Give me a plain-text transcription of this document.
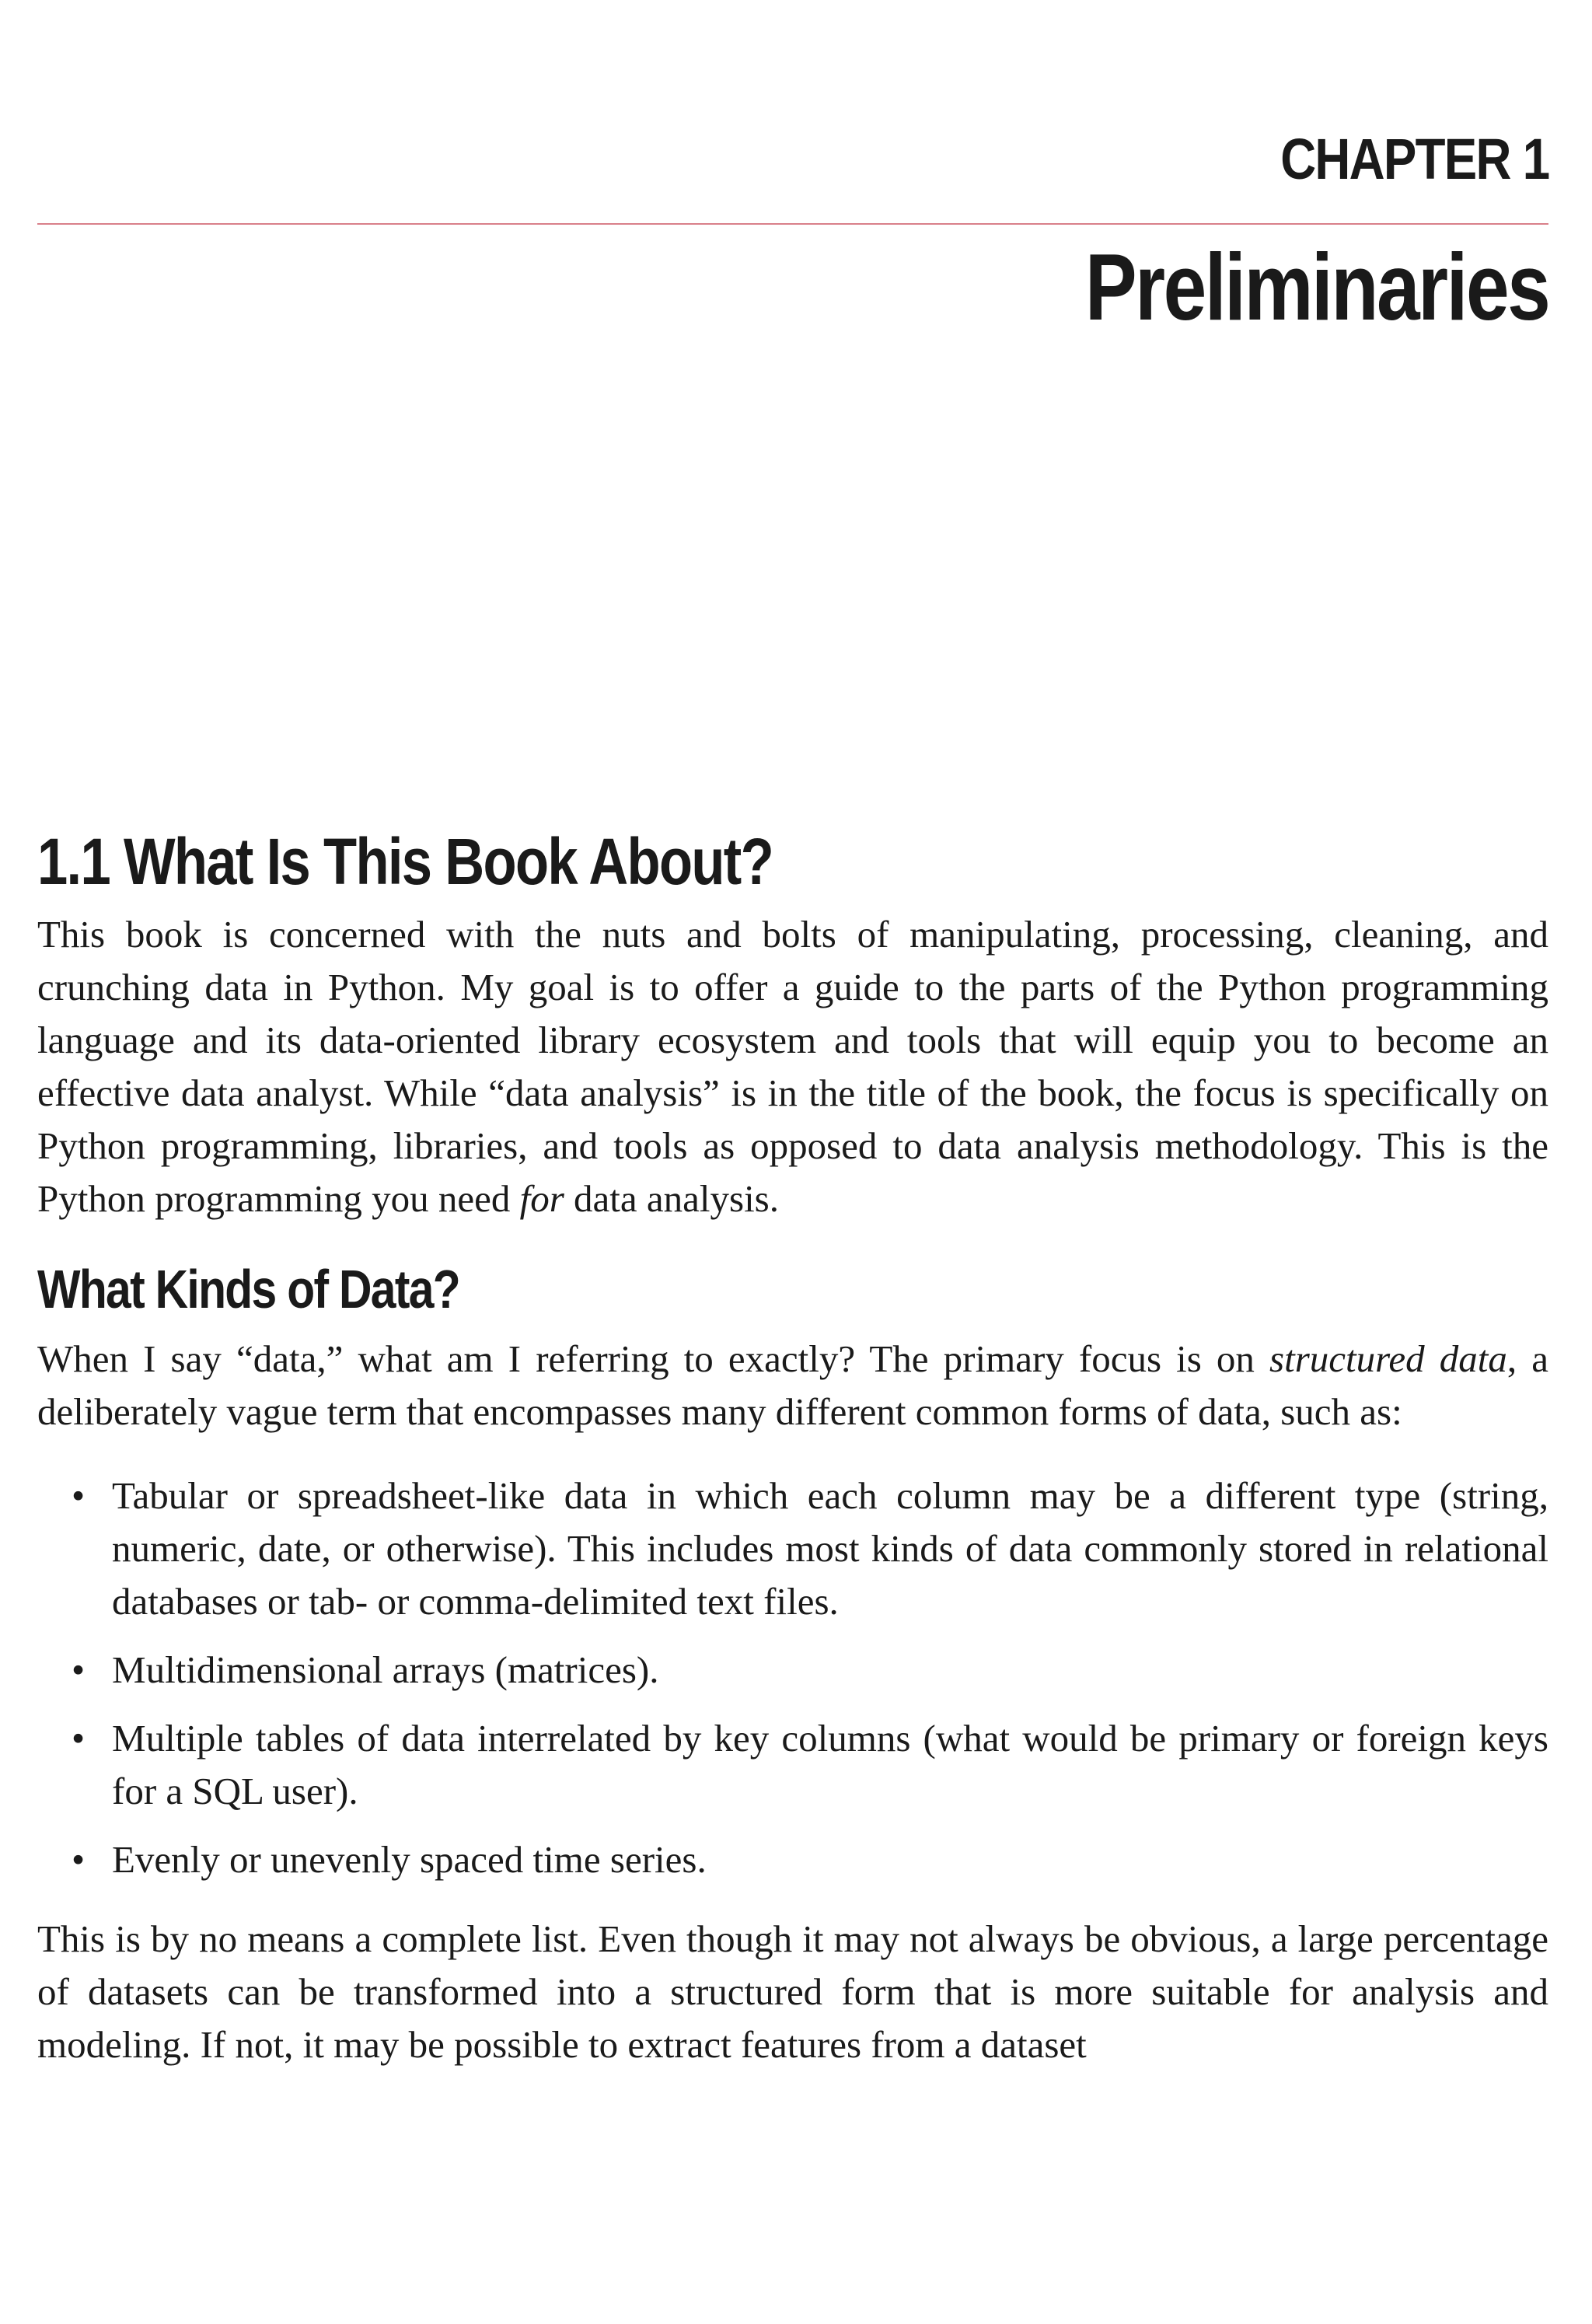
CHAPTER 1
Preliminaries
1.1 What Is This Book About?

This book is concerned with the nuts and bolts of manipulating, processing, cleaning, and crunching data in Python. My goal is to offer a guide to the parts of the Python programming language and its data-oriented library ecosystem and tools that will equip you to become an effective data analyst. While “data analysis” is in the title of the book, the focus is specifically on Python programming, libraries, and tools as opposed to data analysis methodology. This is the Python programming you need for data analysis.

What Kinds of Data?

When I say “data,” what am I referring to exactly? The primary focus is on structured data, a deliberately vague term that encompasses many different common forms of data, such as:

• Tabular or spreadsheet-like data in which each column may be a different type (string, numeric, date, or otherwise). This includes most kinds of data commonly stored in relational databases or tab- or comma-delimited text files.
• Multidimensional arrays (matrices).
• Multiple tables of data interrelated by key columns (what would be primary or foreign keys for a SQL user).
• Evenly or unevenly spaced time series.

This is by no means a complete list. Even though it may not always be obvious, a large percentage of datasets can be transformed into a structured form that is more suitable for analysis and modeling. If not, it may be possible to extract features from a dataset
